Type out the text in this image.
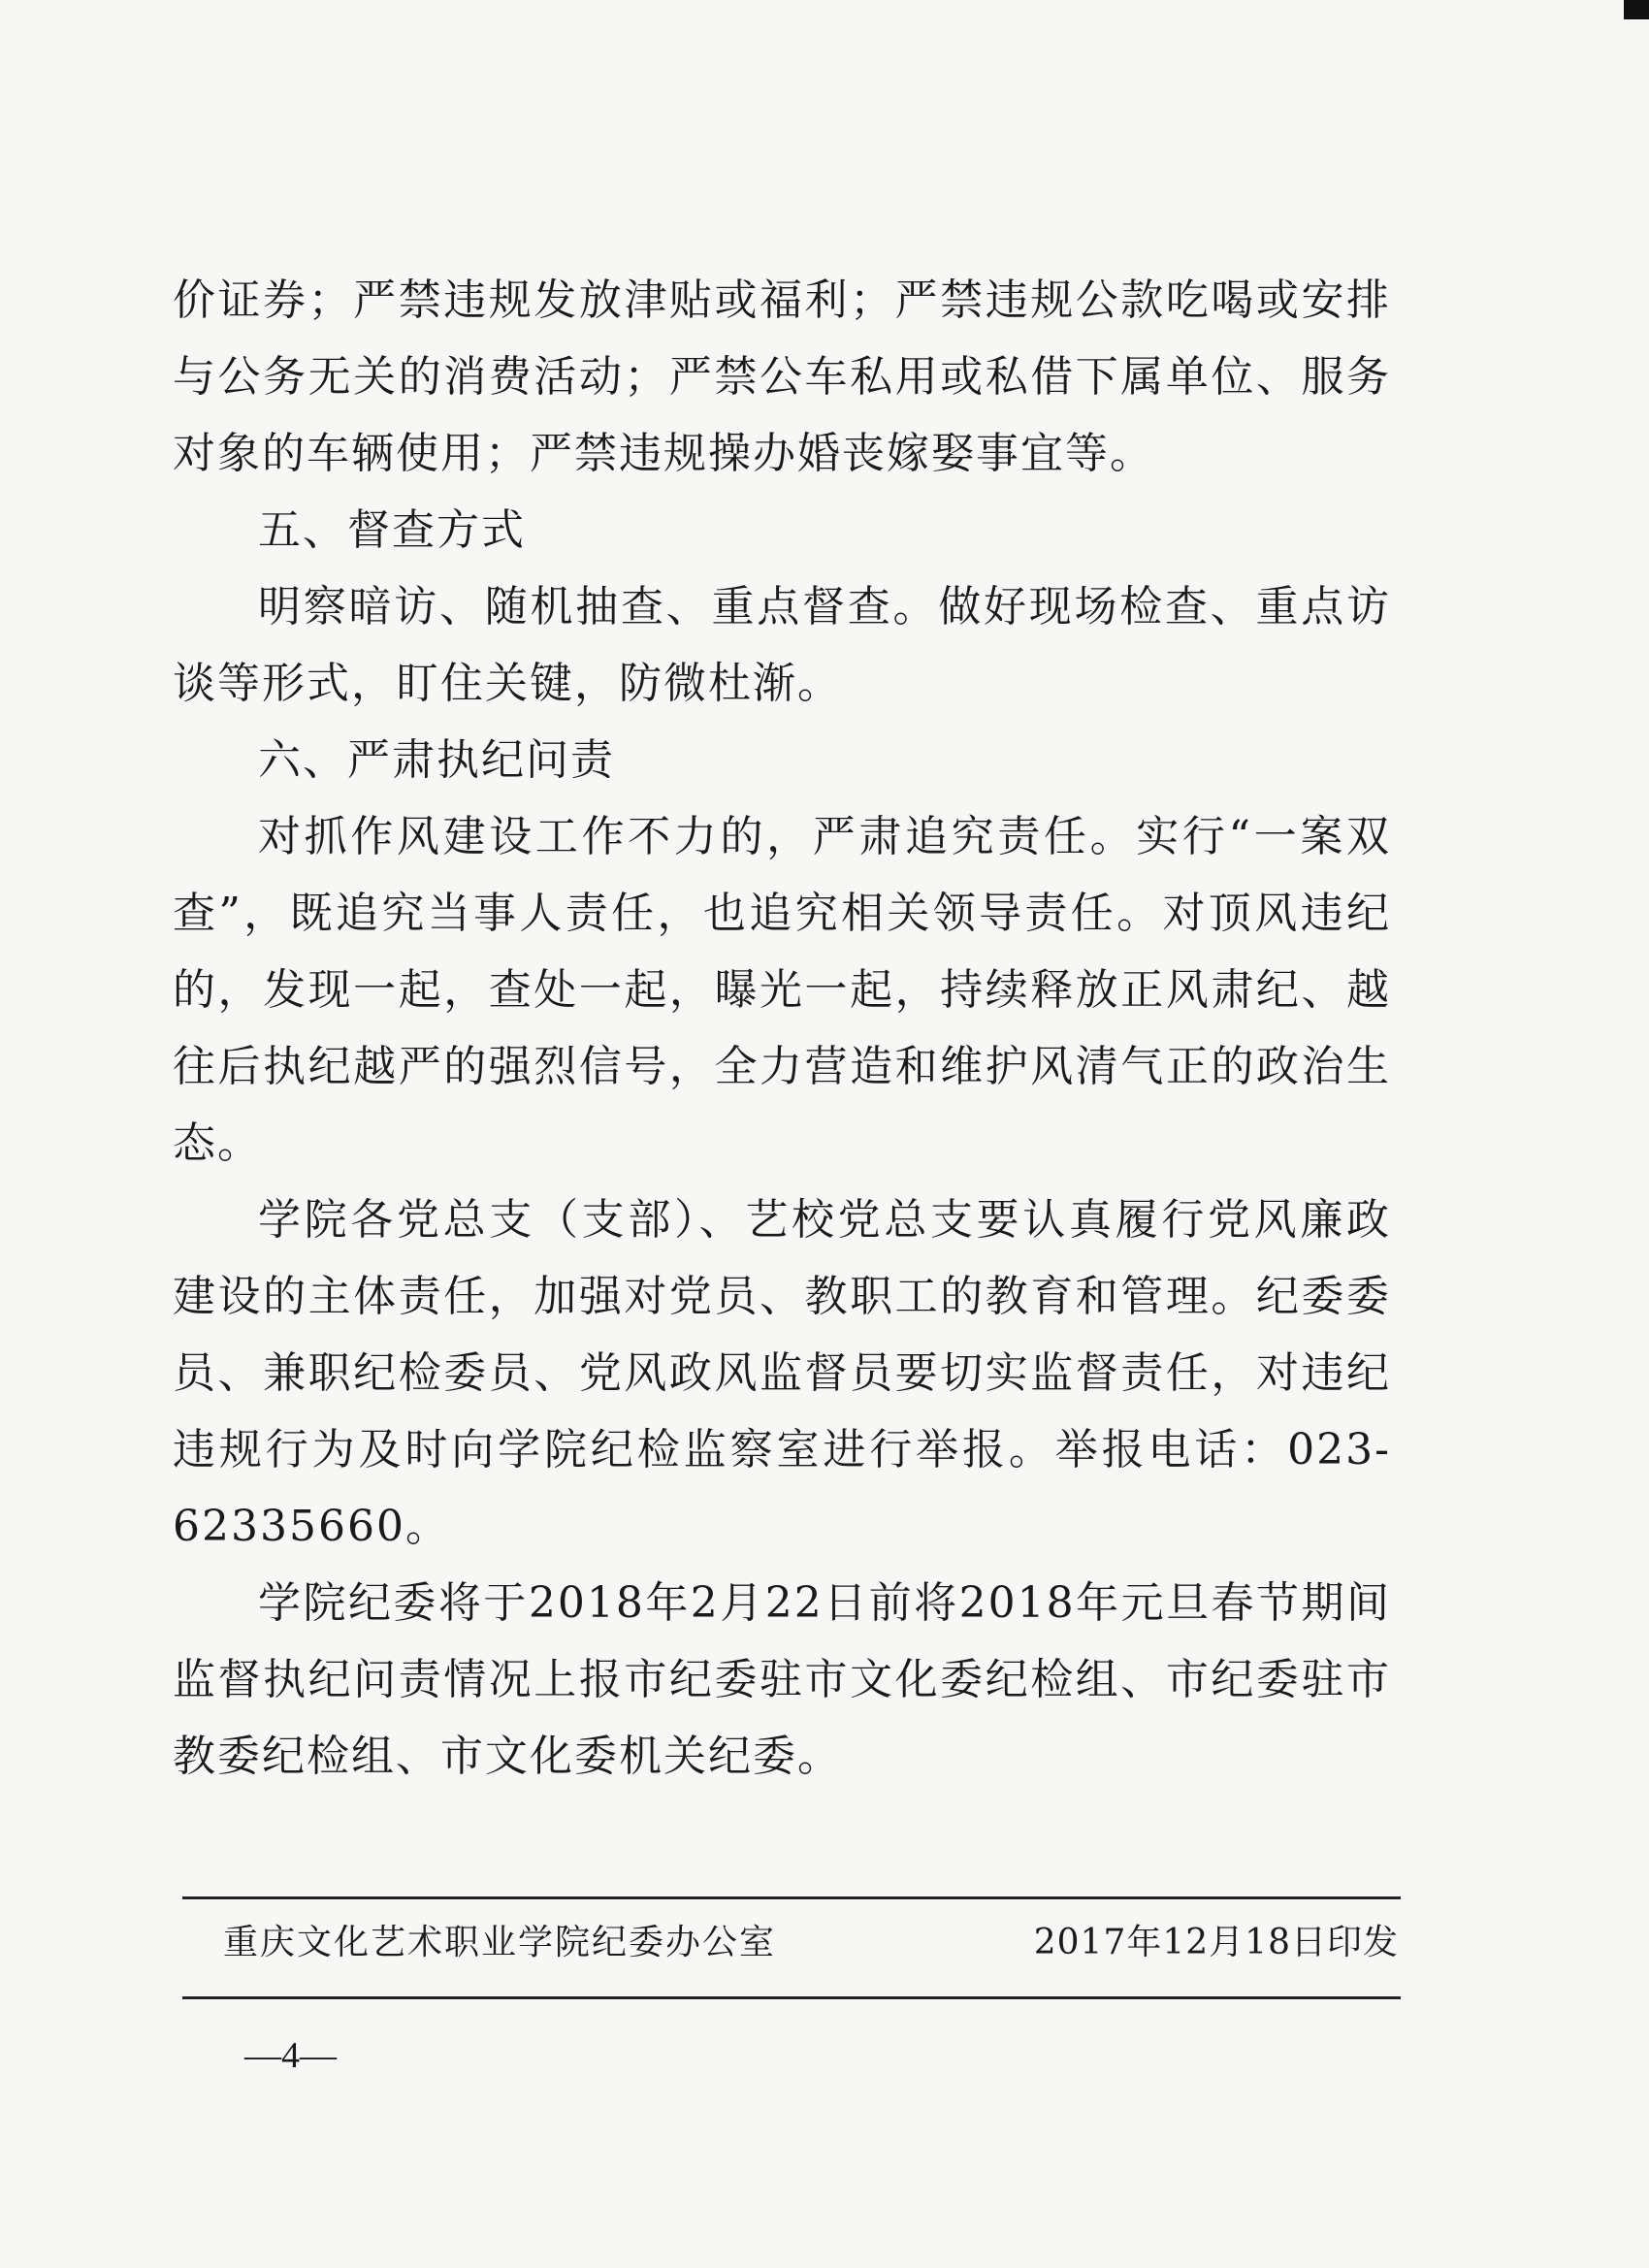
价证券；严禁违规发放津贴或福利；严禁违规公款吃喝或安排与公务无关的消费活动；严禁公车私用或私借下属单位、服务对象的车辆使用；严禁违规操办婚丧嫁娶事宜等。

五、督查方式

明察暗访、随机抽查、重点督查。做好现场检查、重点访谈等形式，盯住关键，防微杜渐。

六、严肃执纪问责

对抓作风建设工作不力的，严肃追究责任。实行“一案双查”，既追究当事人责任，也追究相关领导责任。对顶风违纪的，发现一起，查处一起，曝光一起，持续释放正风肃纪、越往后执纪越严的强烈信号，全力营造和维护风清气正的政治生态。

学院各党总支（支部）、艺校党总支要认真履行党风廉政建设的主体责任，加强对党员、教职工的教育和管理。纪委委员、兼职纪检委员、党风政风监督员要切实监督责任，对违纪违规行为及时向学院纪检监察室进行举报。举报电话：023-62335660。

学院纪委将于2018年2月22日前将2018年元旦春节期间监督执纪问责情况上报市纪委驻市文化委纪检组、市纪委驻市教委纪检组、市文化委机关纪委。

重庆文化艺术职业学院纪委办公室	2017年12月18日印发
—4—
